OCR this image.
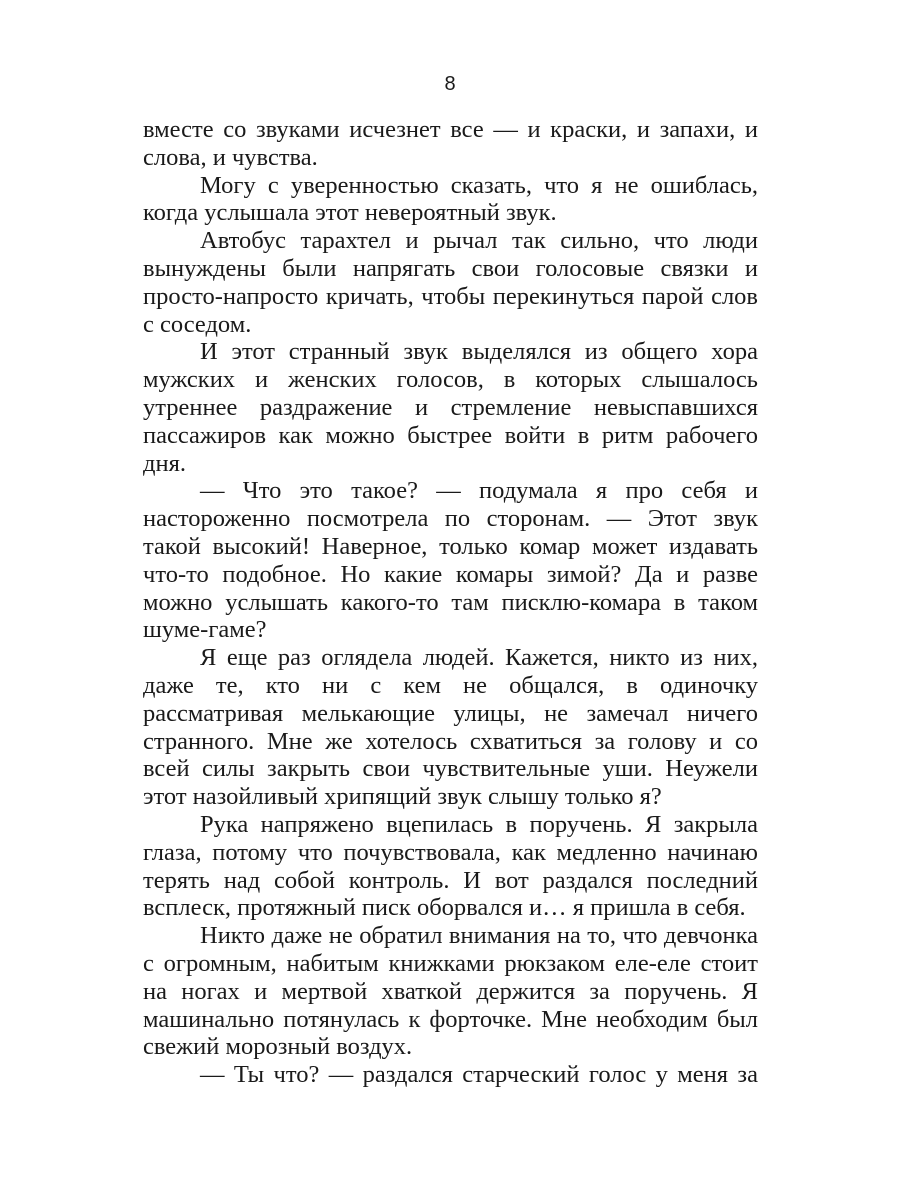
8

вместе со звуками исчезнет все — и краски, и запахи, и слова, и чувства.

Могу с уверенностью сказать, что я не ошиблась, когда услышала этот невероятный звук.

Автобус тарахтел и рычал так сильно, что люди вынуждены были напрягать свои голосовые связки и просто-напросто кричать, чтобы перекинуться парой слов с соседом.

И этот странный звук выделялся из общего хора мужских и женских голосов, в которых слышалось утреннее раздражение и стремление невыспавшихся пассажиров как можно быстрее войти в ритм рабочего дня.

— Что это такое? — подумала я про себя и настороженно посмотрела по сторонам. — Этот звук такой высокий! Наверное, только комар может издавать что-то подобное. Но какие комары зимой? Да и разве можно услышать какого-то там писклю-комара в таком шуме-гаме?

Я еще раз оглядела людей. Кажется, никто из них, даже те, кто ни с кем не общался, в одиночку рассматривая мелькающие улицы, не замечал ничего странного. Мне же хотелось схватиться за голову и со всей силы закрыть свои чувствительные уши. Неужели этот назойливый хрипящий звук слышу только я?

Рука напряжено вцепилась в поручень. Я закрыла глаза, потому что почувствовала, как медленно начинаю терять над собой контроль. И вот раздался последний всплеск, протяжный писк оборвался и… я пришла в себя.

Никто даже не обратил внимания на то, что девчонка с огромным, набитым книжками рюкзаком еле-еле стоит на ногах и мертвой хваткой держится за поручень. Я машинально потянулась к форточке. Мне необходим был свежий морозный воздух.

— Ты что? — раздался старческий голос у меня за
